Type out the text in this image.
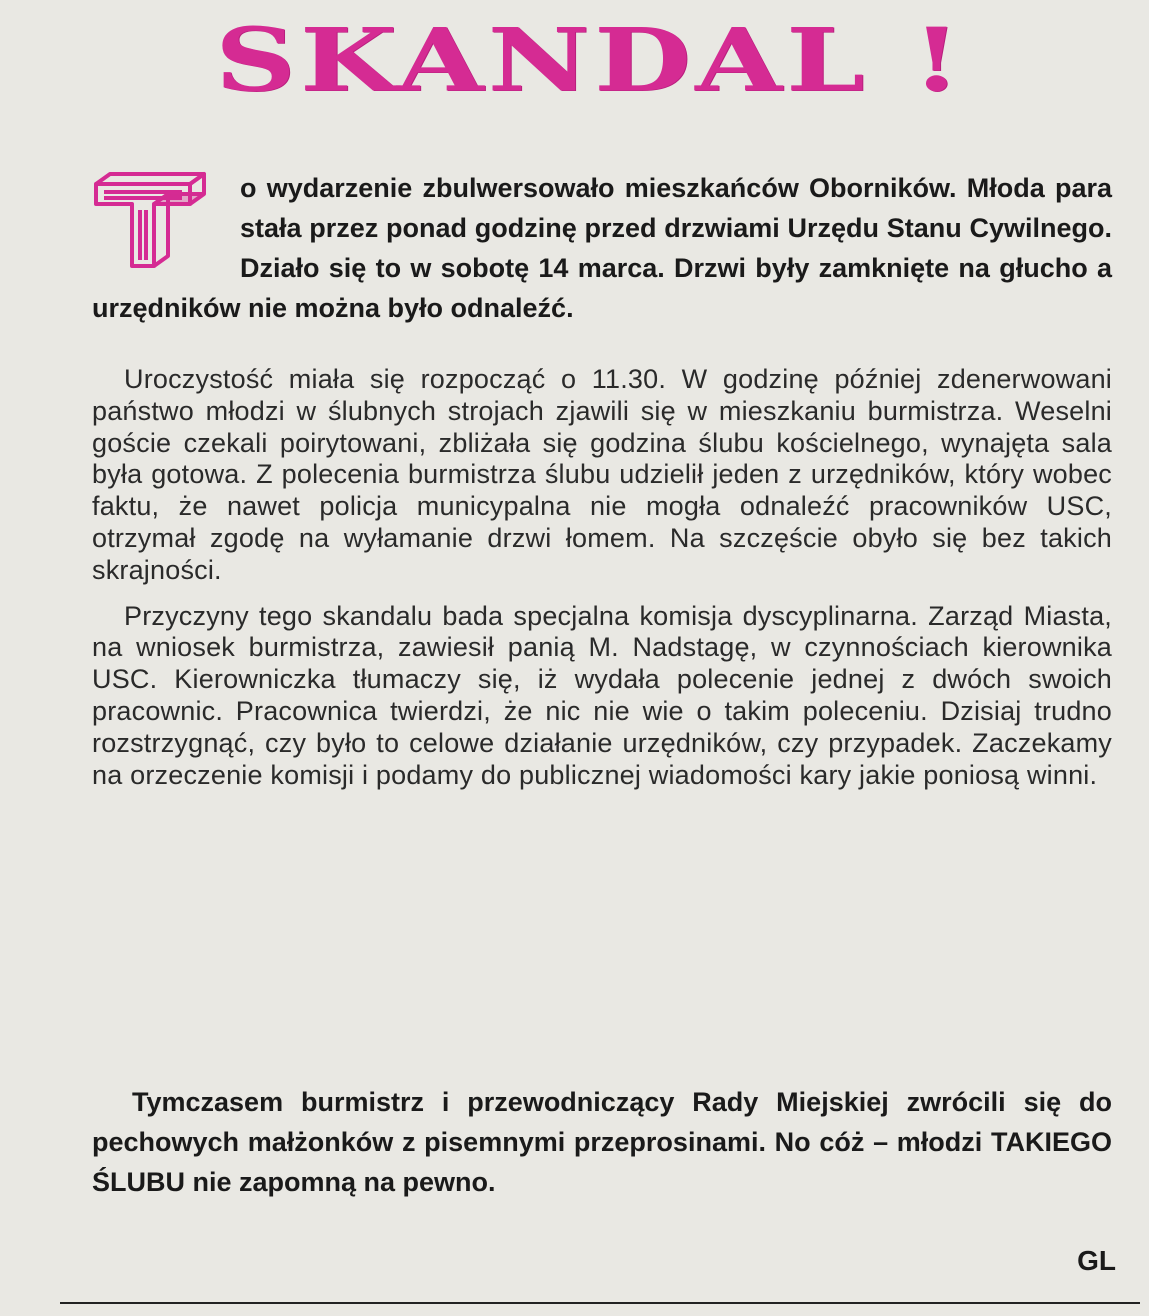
SKANDAL !

o wydarzenie zbulwersowało mieszkańców Oborników. Młoda para stała przez ponad godzinę przed drzwiami Urzędu Stanu Cywilnego. Działo się to w sobotę 14 marca. Drzwi były zamknięte na głucho a urzędników nie można było odnaleźć.

Uroczystość miała się rozpocząć o 11.30. W godzinę później zdenerwowani państwo młodzi w ślubnych strojach zjawili się w mieszkaniu burmistrza. Weselni goście czekali poirytowani, zbliżała się godzina ślubu kościelnego, wynajęta sala była gotowa. Z polecenia burmistrza ślubu udzielił jeden z urzędników, który wobec faktu, że nawet policja municypalna nie mogła odnaleźć pracowników USC, otrzymał zgodę na wyłamanie drzwi łomem. Na szczęście obyło się bez takich skrajności.

Przyczyny tego skandalu bada specjalna komisja dyscyplinarna. Zarząd Miasta, na wniosek burmistrza, zawiesił panią M. Nadstagę, w czynnościach kierownika USC. Kierowniczka tłumaczy się, iż wydała polecenie jednej z dwóch swoich pracownic. Pracownica twierdzi, że nic nie wie o takim poleceniu. Dzisiaj trudno rozstrzygnąć, czy było to celowe działanie urzędników, czy przypadek. Zaczekamy na orzeczenie komisji i podamy do publicznej wiadomości kary jakie poniosą winni.

Tymczasem burmistrz i przewodniczący Rady Miejskiej zwrócili się do pechowych małżonków z pisemnymi przeprosinami. No cóż – młodzi TAKIEGO ŚLUBU nie zapomną na pewno.

GL
